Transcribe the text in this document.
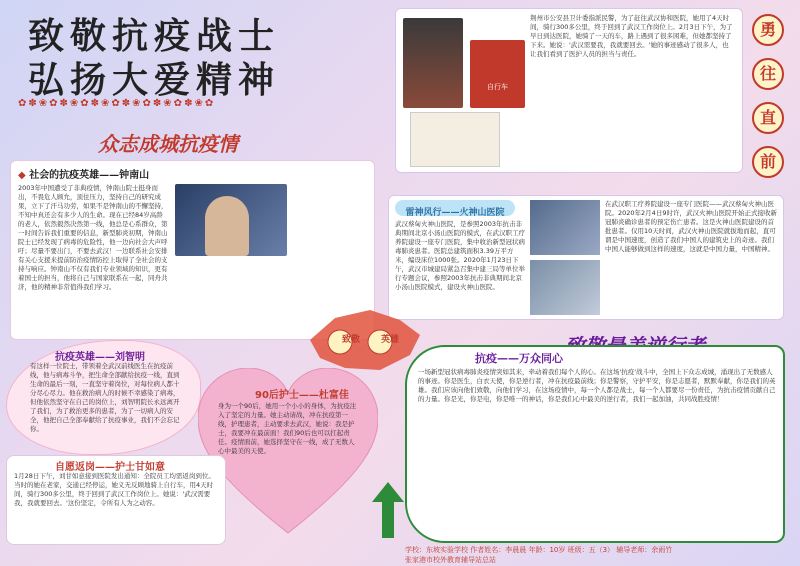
致敬抗疫战士
弘扬大爱精神
✿✽❀✿✽❀✿✽❀✿✽❀✿✽❀✿✽❀✿
众志成城抗疫情
◆ 社会的抗疫英雄——钟南山
2003年中国遭受了非典疫情，钟南山院士挺身而出，不畏危人顾允，顶住压力，坚持自己的研究成果，立下了汗马功劳，如果不是钟南山的不懈坚持，不知中真还会有多少人的生命。现在已经84岁高龄的老人，依然毅然决然第一线，他总是心系群众，第一时间告诉我们重要的信息，新型肺炎初期，钟南山院士已经发现了病毒的危险性，他一边向社会大声呼吁；尽量不要出门，不要去武汉！一边联系社会安排有关心支援来提前防治疫情防控上取得了全社会的支持与响应。钟南山不仅有我们专业领域的知识，更有着国士的担当，他将自己与国家联系在一起，同舟共济，他的精神非常值得我们学习。
抗疫英雄——刘智明
有这样一位院士，带领着全武汉前线医生在抗疫前线，他与病毒斗争，把生命全部献给抗疫一线，直到生命的最后一刻，一直坚守着岗位，对每位病人都十分尽心尽力。他在救治病人的时候不幸感染了病毒，但他依然坚守在自己的岗位上，刘智明院长永远离开了我们，为了救治更多的患者，为了一切病人的安全，他把自己全部奉献给了抗疫事业，我们不会忘记你。
90后护士——杜富佳
身为一个90后，她用一个小小的身体，为抗疫注入了坚定的力量。她主动请战，冲在抗疫第一线，护理患者，主动要求去武汉，她说：我是护士，我要冲在最前面！我们90后也可以扛起责任。疫情面前，她选择坚守在一线，成了无数人心中最美的天使。
自愿返岗——护士甘如意
1月28日下午，刘甘如意接到医院发出通知：全院员工均需返岗到位。当时的她在老家，交通已经停运，她义无反顾地骑上自行车，用4天时间，骑行300多公里，终于回到了武汉工作岗位上。她说：'武汉需要我，我就要回去。'这份坚定，令所有人为之动容。
自行车
荆州市公安县卫计委指派民警，为了赶往武汉协和医院，她用了4天时间，骑行300多公里，终于回到了武汉工作岗位上。2月3日下午，为了早日到达医院，她骑了一天的车，路上遇到了很多困难，但她都坚持了下来。她说：'武汉需要我，我就要回去。'她的事迹感动了很多人，也让我们看到了医护人员的担当与责任。
勇
往
直
前
雷神风行——火神山医院
武汉蔡甸火神山医院，是参照2003年抗击非典期间北京小汤山医院的模式，在武汉职工疗养院建设一座专门医院，集中收治新型冠状病毒肺炎患者。医院总建筑面积3.39万平方米，编设床位1000张。2020年1月23日下午，武汉市城建局紧急召集中建三局等单位举行专题会议，参照2003年抗击非典期间北京小汤山医院模式，建设火神山医院。
在武汉职工疗养院建设一座专门医院——武汉蔡甸火神山医院。2020年2月4日9时许，武汉火神山医院开始正式接收新冠肺炎确诊患者的预定伤亡患者。这是火神山医院建设的首批患者。仅用10天时间，武汉火神山医院就拔地而起，直可谓是中国速度，创造了我们中国人的建筑史上的奇迹。我们中国人能够做到这样的速度，这就是中国力量，中国精神。
致敬	英雄
抗疫——万众同心
一场新型冠状病毒肺炎疫情突如其来，牵动着我们每个人的心。在这场'抗疫'战斗中，全国上下众志成城，涌现出了无数感人的事迹。你是医生，白衣天使，你是逆行者，冲在抗疫最前线；你是警察，守护平安，你是志愿者，默默奉献，你是我们的英雄。我们应该向他们致敬，向他们学习，在这场疫情中，每一个人都是战士，每一个人都要尽一份责任，为抗击疫情贡献自己的力量。你是光，你是电，你是唯一的神话，你是我们心中最美的逆行者，我们一起加油，共同战胜疫情！
学校：东坡实验学校 作者姓名：李晨晨 年龄：10岁 班级：五（3） 辅导老师：余雨竹
张家港市校外教育辅导站总站
